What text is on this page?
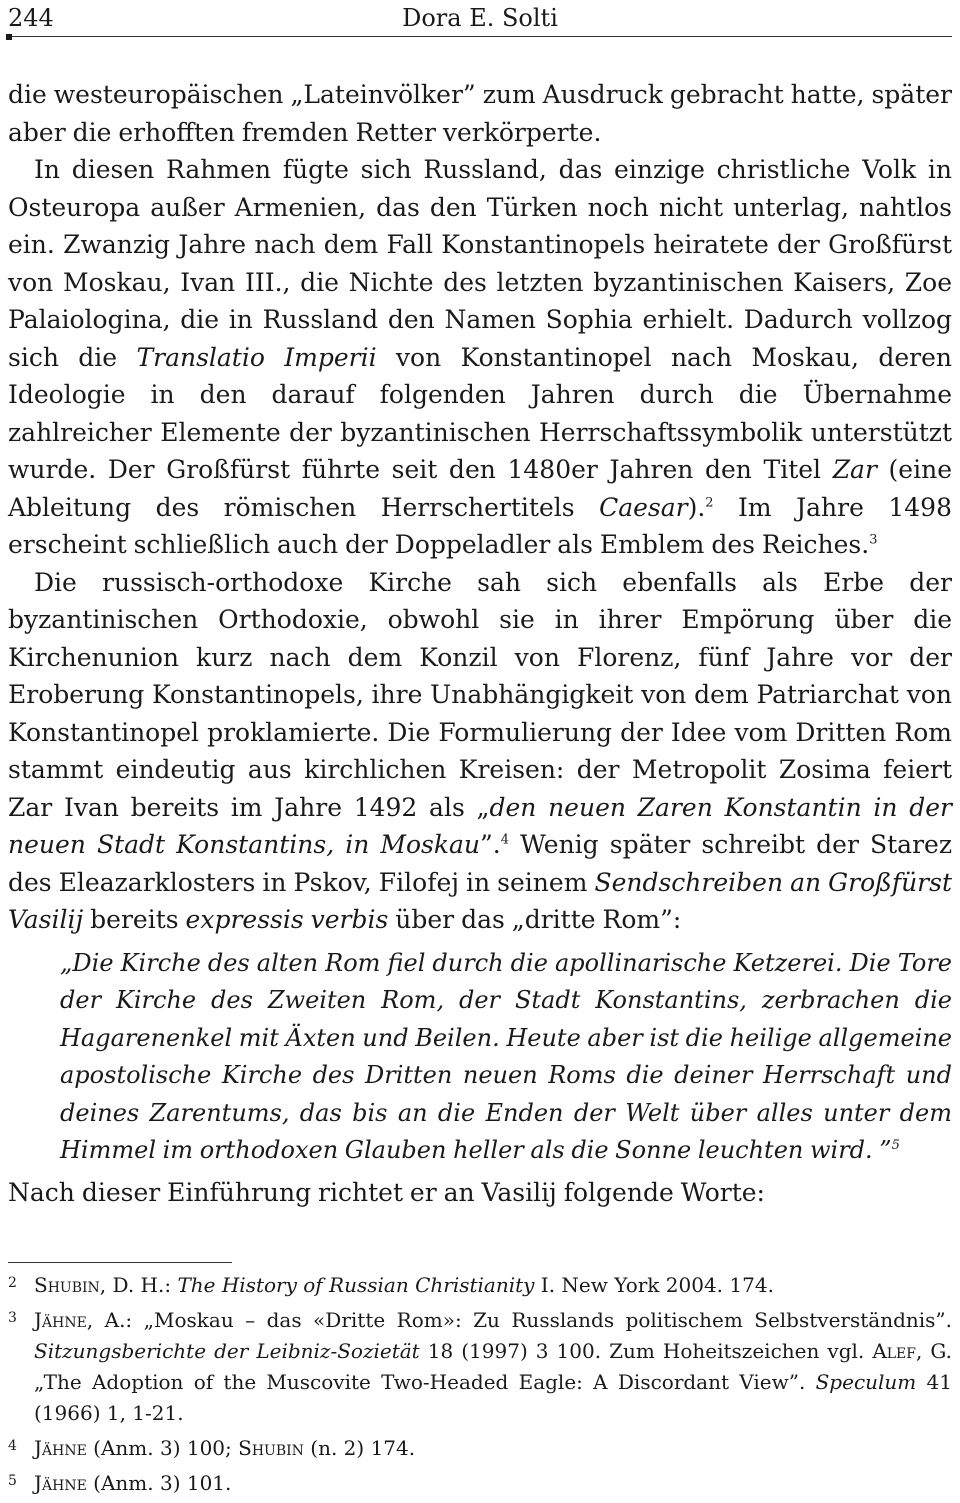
244	Dora E. Solti

die westeuropäischen „Lateinvölker” zum Ausdruck gebracht hatte, später aber die erhofften fremden Retter verkörperte.

In diesen Rahmen fügte sich Russland, das einzige christliche Volk in Osteuropa außer Armenien, das den Türken noch nicht unterlag, nahtlos ein. Zwanzig Jahre nach dem Fall Konstantinopels heiratete der Großfürst von Moskau, Ivan III., die Nichte des letzten byzantinischen Kaisers, Zoe Palaiologina, die in Russland den Namen Sophia erhielt. Dadurch vollzog sich die Translatio Imperii von Konstantinopel nach Moskau, deren Ideologie in den darauf folgenden Jahren durch die Übernahme zahlreicher Elemente der byzantinischen Herrschaftssymbolik unterstützt wurde. Der Großfürst führte seit den 1480er Jahren den Titel Zar (eine Ableitung des römischen Herrschertitels Caesar).$^2$ Im Jahre 1498 erscheint schließlich auch der Doppeladler als Emblem des Reiches.$^3$

Die russisch-orthodoxe Kirche sah sich ebenfalls als Erbe der byzantinischen Orthodoxie, obwohl sie in ihrer Empörung über die Kirchenunion kurz nach dem Konzil von Florenz, fünf Jahre vor der Eroberung Konstantinopels, ihre Unabhängigkeit von dem Patriarchat von Konstantinopel proklamierte. Die Formulierung der Idee vom Dritten Rom stammt eindeutig aus kirchlichen Kreisen: der Metropolit Zosima feiert Zar Ivan bereits im Jahre 1492 als „den neuen Zaren Konstantin in der neuen Stadt Konstantins, in Moskau”.$^4$ Wenig später schreibt der Starez des Eleazarklosters in Pskov, Filofej in seinem Sendschreiben an Großfürst Vasilij bereits expressis verbis über das „dritte Rom”:

„Die Kirche des alten Rom fiel durch die apollinarische Ketzerei. Die Tore der Kirche des Zweiten Rom, der Stadt Konstantins, zerbrachen die Hagarenenkel mit Äxten und Beilen. Heute aber ist die heilige allgemeine apostolische Kirche des Dritten neuen Roms die deiner Herrschaft und deines Zarentums, das bis an die Enden der Welt über alles unter dem Himmel im orthodoxen Glauben heller als die Sonne leuchten wird. ”$^5$

Nach dieser Einführung richtet er an Vasilij folgende Worte:

2 Shubin, D. H.: The History of Russian Christianity I. New York 2004. 174.
3 Jähne, A.: „Moskau – das «Dritte Rom»: Zu Russlands politischem Selbstverständnis”. Sitzungsberichte der Leibniz-Sozietät 18 (1997) 3 100. Zum Hoheitszeichen vgl. Alef, G. „The Adoption of the Muscovite Two-Headed Eagle: A Discordant View”. Speculum 41 (1966) 1, 1-21.
4 Jähne (Anm. 3) 100; Shubin (n. 2) 174.
5 Jähne (Anm. 3) 101.
